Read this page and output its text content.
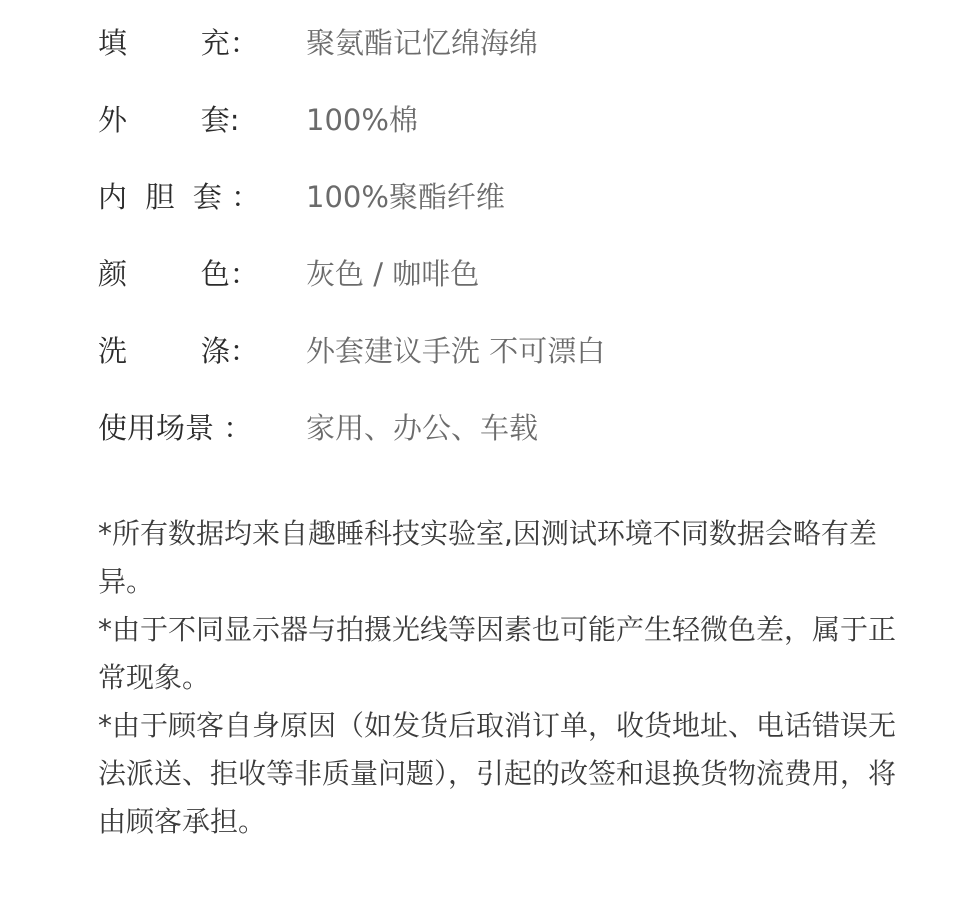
填        充：	聚氨酯记忆绵海绵
外        套:	100%棉
内  胆  套 ：	100%聚酯纤维
颜        色：	灰色 / 咖啡色
洗        涤：	外套建议手洗 不可漂白
使用场景 ：	家用、办公、车载

*所有数据均来自趣睡科技实验室,因测试环境不同数据会略有差异。

*由于不同显示器与拍摄光线等因素也可能产生轻微色差，属于正常现象。

*由于顾客自身原因（如发货后取消订单，收货地址、电话错误无法派送、拒收等非质量问题），引起的改签和退换货物流费用，将由顾客承担。
